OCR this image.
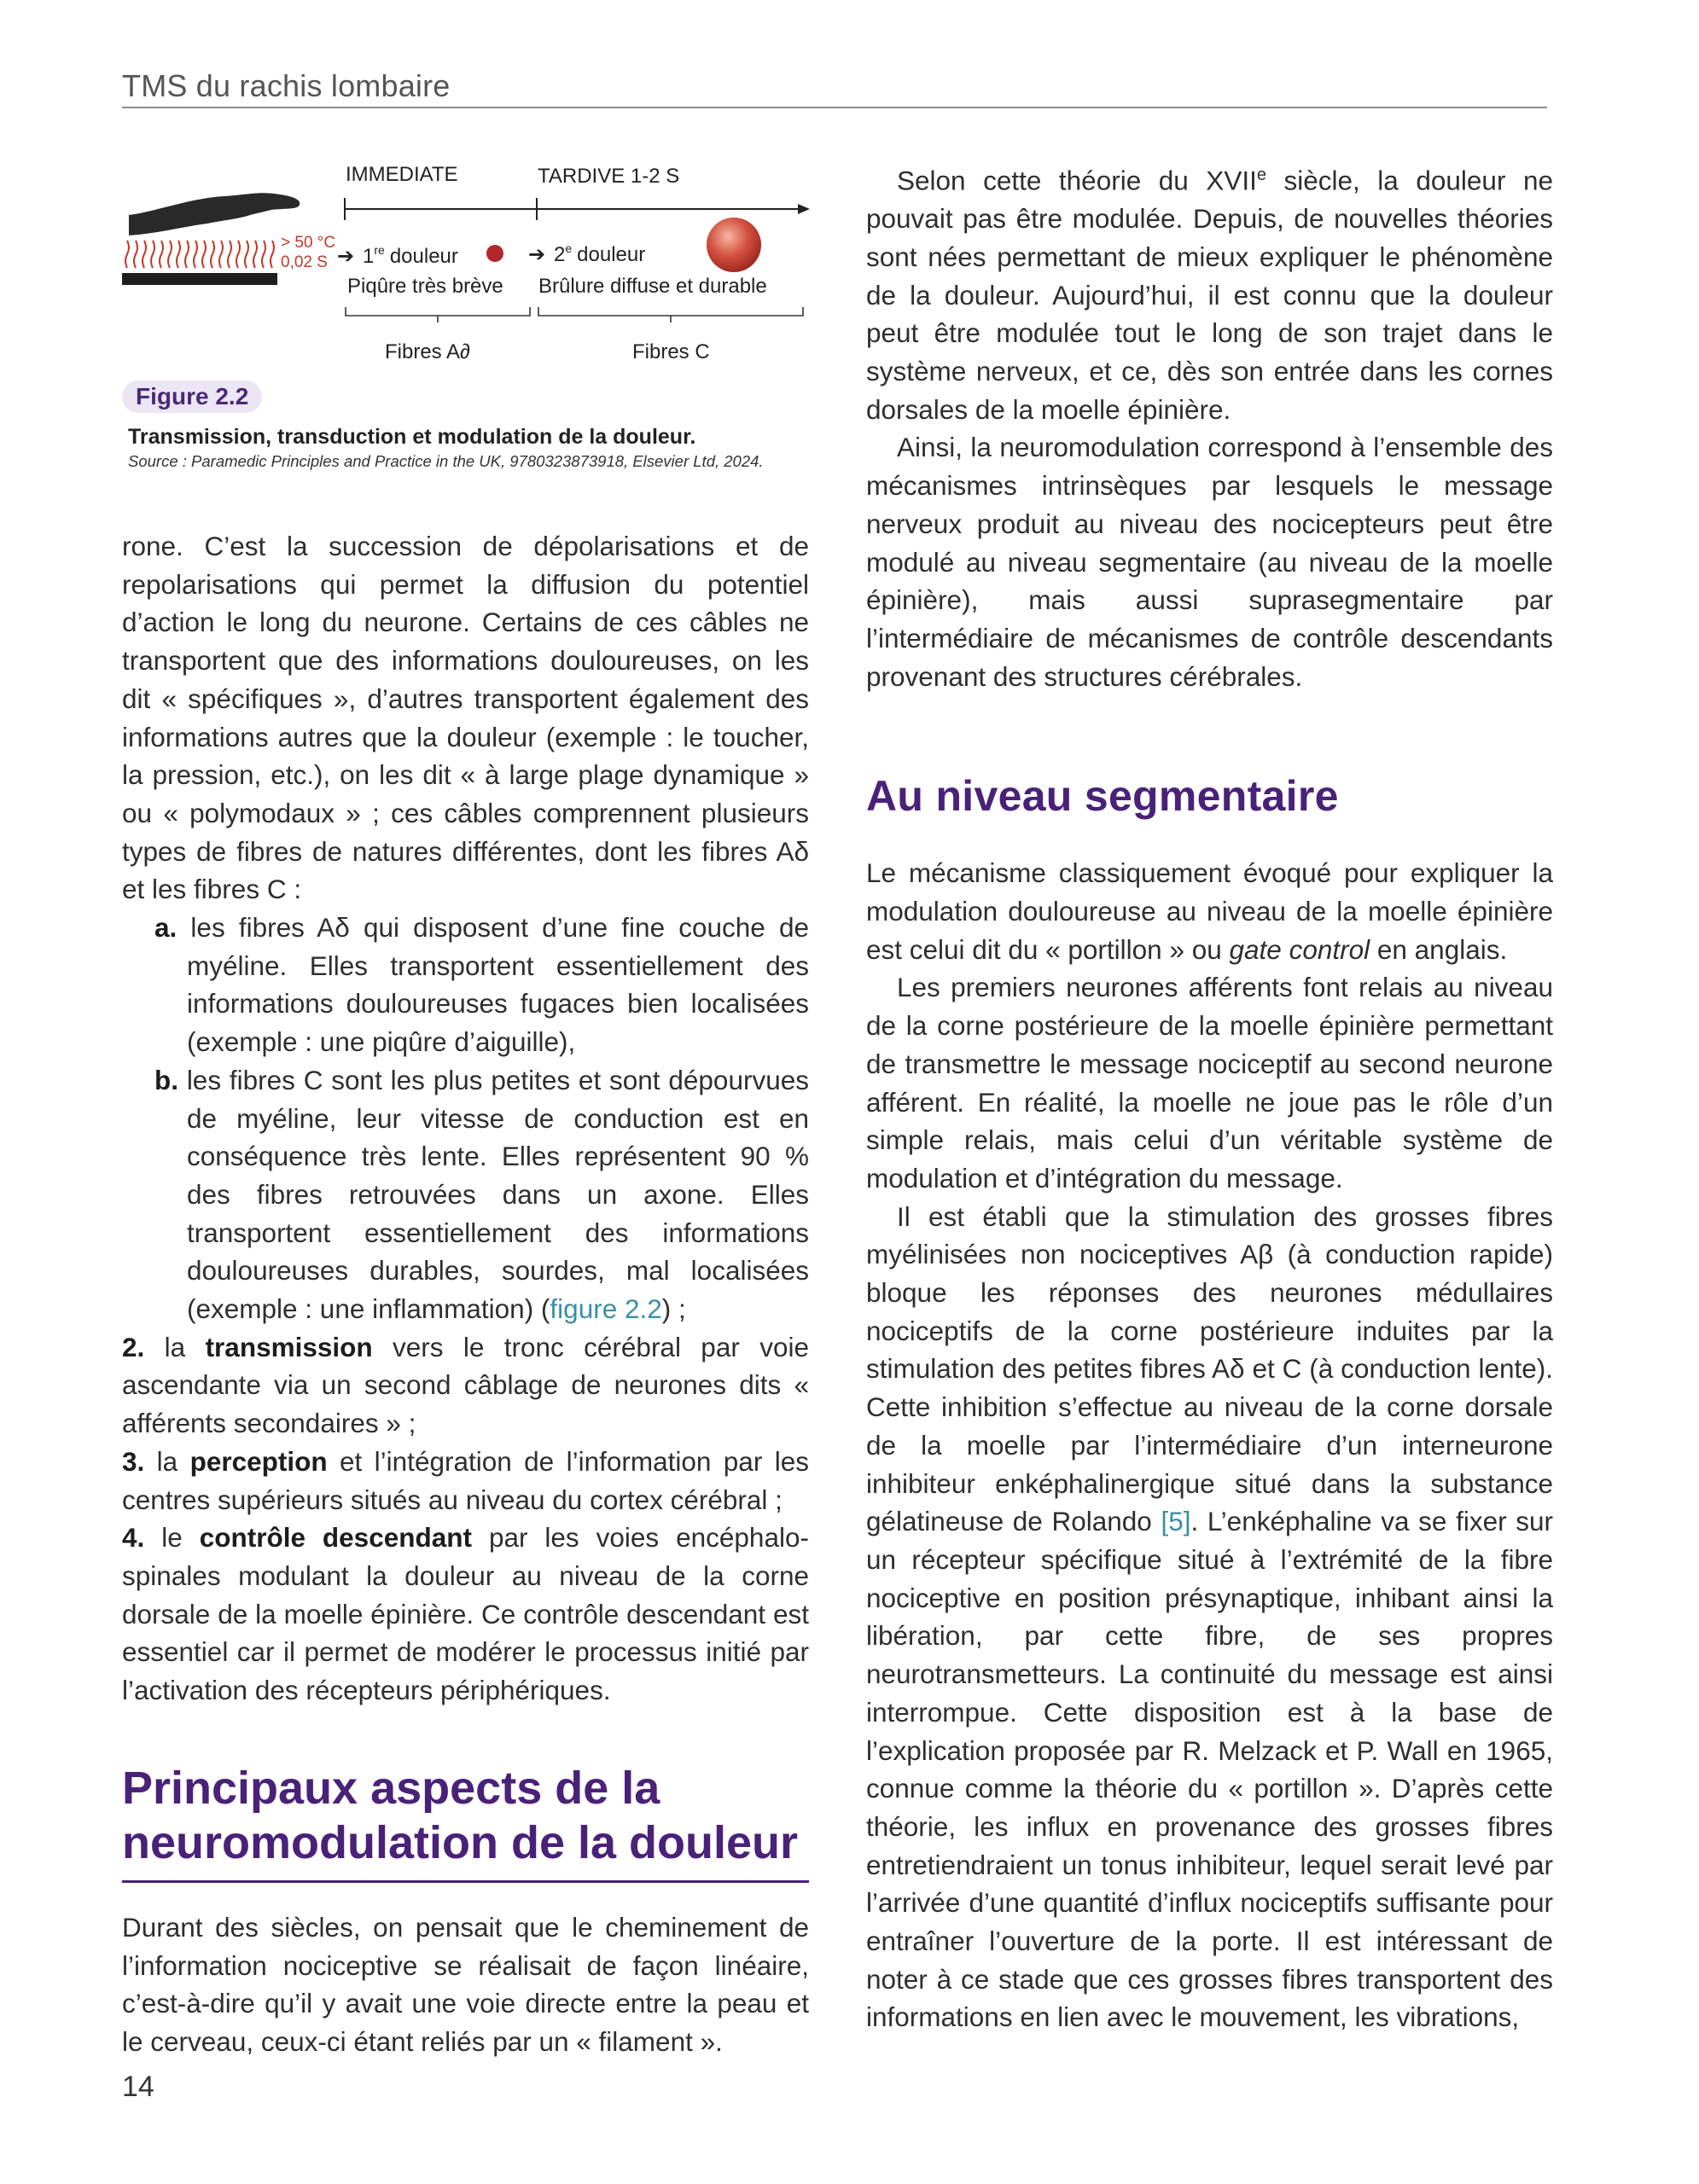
TMS du rachis lombaire
IMMEDIATE	TARDIVE 1-2 S
> 50 °C
0,02 S ➔ 1re douleur
Piqûre très brève
➔ 2e douleur
Brûlure diffuse et durable
Fibres A∂	Fibres C
Figure 2.2
Transmission, transduction et modulation de la douleur.
Source : Paramedic Principles and Practice in the UK, 9780323873918, Elsevier Ltd, 2024.

rone. C’est la succession de dépolarisations et de repolarisations qui permet la diffusion du potentiel d’action le long du neurone. Certains de ces câbles ne transportent que des informations douloureuses, on les dit « spécifiques », d’autres transportent également des informations autres que la douleur (exemple : le toucher, la pression, etc.), on les dit « à large plage dynamique » ou « polymodaux » ; ces câbles comprennent plusieurs types de fibres de natures différentes, dont les fibres Aδ et les fibres C :

a. les fibres Aδ qui disposent d’une fine couche de myéline. Elles transportent essentiellement des informations douloureuses fugaces bien localisées (exemple : une piqûre d’aiguille),

b. les fibres C sont les plus petites et sont dépourvues de myéline, leur vitesse de conduction est en conséquence très lente. Elles représentent 90 % des fibres retrouvées dans un axone. Elles transportent essentiellement des informations douloureuses durables, sourdes, mal localisées (exemple : une inflammation) (figure 2.2) ;

2. la transmission vers le tronc cérébral par voie ascendante via un second câblage de neurones dits « afférents secondaires » ;

3. la perception et l’intégration de l’information par les centres supérieurs situés au niveau du cortex cérébral ;

4. le contrôle descendant par les voies encéphalo-spinales modulant la douleur au niveau de la corne dorsale de la moelle épinière. Ce contrôle descendant est essentiel car il permet de modérer le processus initié par l’activation des récepteurs périphériques.

Principaux aspects de la neuromodulation de la douleur

Durant des siècles, on pensait que le cheminement de l’information nociceptive se réalisait de façon linéaire, c’est-à-dire qu’il y avait une voie directe entre la peau et le cerveau, ceux-ci étant reliés par un « filament ».

Selon cette théorie du XVIIe siècle, la douleur ne pouvait pas être modulée. Depuis, de nouvelles théories sont nées permettant de mieux expliquer le phénomène de la douleur. Aujourd’hui, il est connu que la douleur peut être modulée tout le long de son trajet dans le système nerveux, et ce, dès son entrée dans les cornes dorsales de la moelle épinière.

Ainsi, la neuromodulation correspond à l’ensemble des mécanismes intrinsèques par lesquels le message nerveux produit au niveau des nocicepteurs peut être modulé au niveau segmentaire (au niveau de la moelle épinière), mais aussi suprasegmentaire par l’intermédiaire de mécanismes de contrôle descendants provenant des structures cérébrales.

Au niveau segmentaire

Le mécanisme classiquement évoqué pour expliquer la modulation douloureuse au niveau de la moelle épinière est celui dit du « portillon » ou gate control en anglais.

Les premiers neurones afférents font relais au niveau de la corne postérieure de la moelle épinière permettant de transmettre le message nociceptif au second neurone afférent. En réalité, la moelle ne joue pas le rôle d’un simple relais, mais celui d’un véritable système de modulation et d’intégration du message.

Il est établi que la stimulation des grosses fibres myélinisées non nociceptives Aβ (à conduction rapide) bloque les réponses des neurones médullaires nociceptifs de la corne postérieure induites par la stimulation des petites fibres Aδ et C (à conduction lente). Cette inhibition s’effectue au niveau de la corne dorsale de la moelle par l’intermédiaire d’un interneurone inhibiteur enképhalinergique situé dans la substance gélatineuse de Rolando [5]. L’enképhaline va se fixer sur un récepteur spécifique situé à l’extrémité de la fibre nociceptive en position présynaptique, inhibant ainsi la libération, par cette fibre, de ses propres neurotransmetteurs. La continuité du message est ainsi interrompue. Cette disposition est à la base de l’explication proposée par R. Melzack et P. Wall en 1965, connue comme la théorie du « portillon ». D’après cette théorie, les influx en provenance des grosses fibres entretiendraient un tonus inhibiteur, lequel serait levé par l’arrivée d’une quantité d’influx nociceptifs suffisante pour entraîner l’ouverture de la porte. Il est intéressant de noter à ce stade que ces grosses fibres transportent des informations en lien avec le mouvement, les vibrations,

14
